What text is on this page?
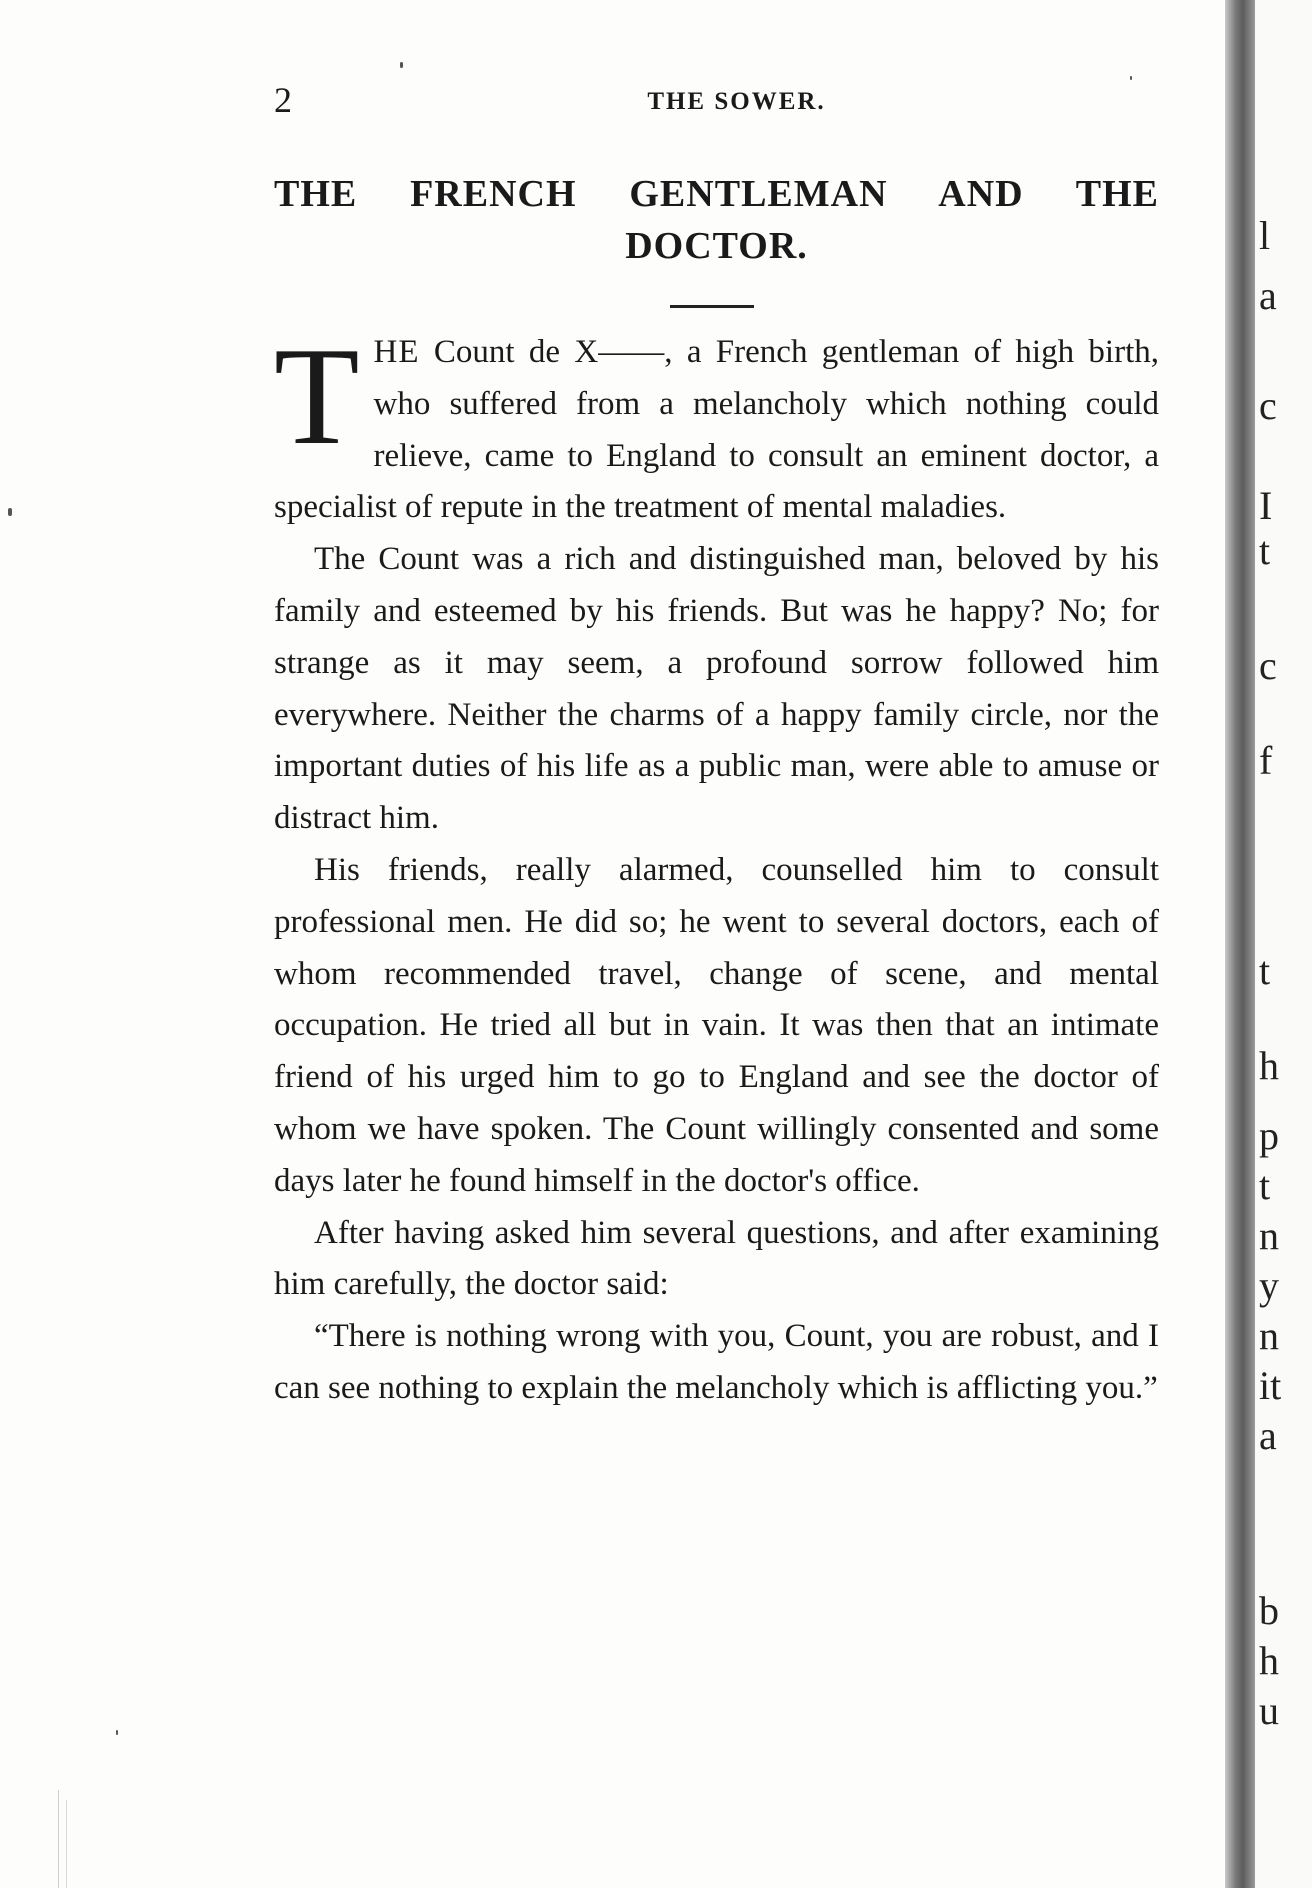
2	THE SOWER.
THE FRENCH GENTLEMAN AND THE
DOCTOR.

THE Count de X——, a French gentleman of high birth, who suffered from a melancholy which nothing could relieve, came to England to consult an eminent doctor, a specialist of repute in the treatment of mental maladies.

The Count was a rich and distinguished man, beloved by his family and esteemed by his friends. But was he happy? No; for strange as it may seem, a profound sorrow followed him everywhere. Neither the charms of a happy family circle, nor the important duties of his life as a public man, were able to amuse or distract him.

His friends, really alarmed, counselled him to consult professional men. He did so; he went to several doctors, each of whom recommended travel, change of scene, and mental occupation. He tried all but in vain. It was then that an intimate friend of his urged him to go to England and see the doctor of whom we have spoken. The Count willingly consented and some days later he found himself in the doctor's office.

After having asked him several questions, and after examining him carefully, the doctor said:

“There is nothing wrong with you, Count, you are robust, and I can see nothing to explain the melancholy which is afflicting you.”

l
a
c
I
t
c
f
t
h
p
t
n
y
n
it
a
b
h
u
